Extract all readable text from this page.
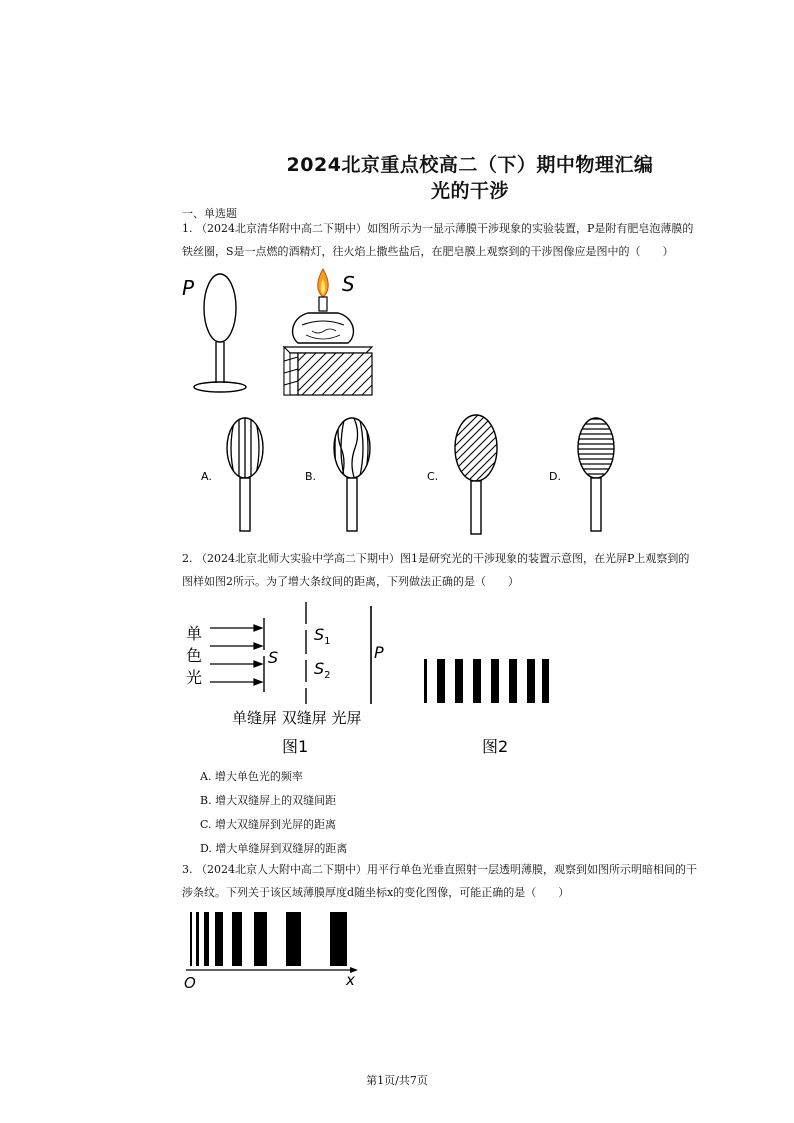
2024北京重点校高二（下）期中物理汇编
光的干涉
一、单选题
1. （2024北京清华附中高二下期中）如图所示为一显示薄膜干涉现象的实验装置，P是附有肥皂泡薄膜的
铁丝圈，S是一点燃的酒精灯，往火焰上撒些盐后，在肥皂膜上观察到的干涉图像应是图中的（　　）
P	S
A.	B.	C.	D.
2. （2024北京北师大实验中学高二下期中）图1是研究光的干涉现象的装置示意图，在光屏P上观察到的
图样如图2所示。为了增大条纹间的距离，下列做法正确的是（　　）
单
色
光
S
$S_1$
$S_2$
P
单缝屏 双缝屏 光屏
图1	图2
A. 增大单色光的频率
B. 增大双缝屏上的双缝间距
C. 增大双缝屏到光屏的距离
D. 增大单缝屏到双缝屏的距离
3. （2024北京人大附中高二下期中）用平行单色光垂直照射一层透明薄膜，观察到如图所示明暗相间的干
涉条纹。下列关于该区域薄膜厚度d随坐标x的变化图像，可能正确的是（　　）
O	x
第1页/共7页
